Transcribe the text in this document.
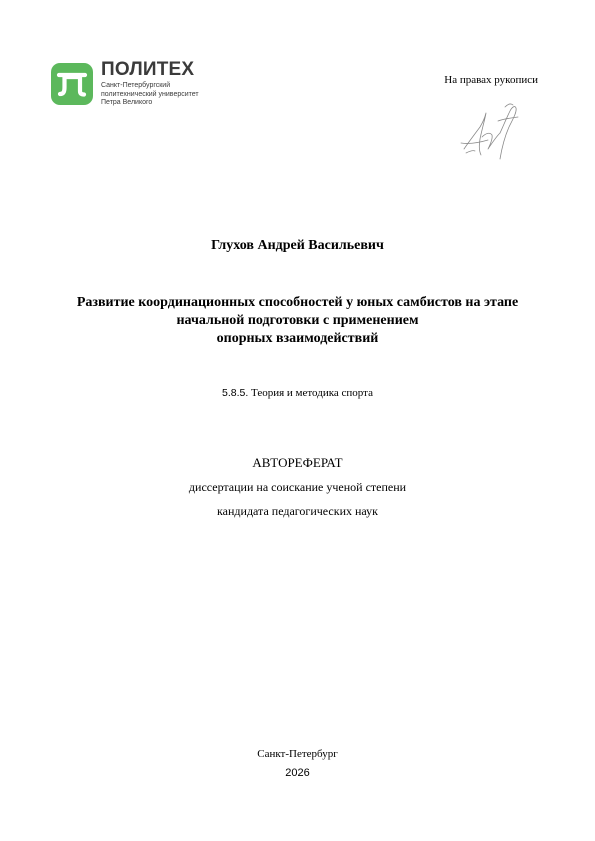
ПОЛИТЕХ
Санкт-Петербургский
политехнический университет
Петра Великого
На правах рукописи
Глухов Андрей Васильевич
Развитие координационных способностей у юных самбистов на этапе
начальной подготовки с применением
опорных взаимодействий
5.8.5. Теория и методика спорта
АВТОРЕФЕРАТ
диссертации на соискание ученой степени
кандидата педагогических наук
Санкт-Петербург
2026
